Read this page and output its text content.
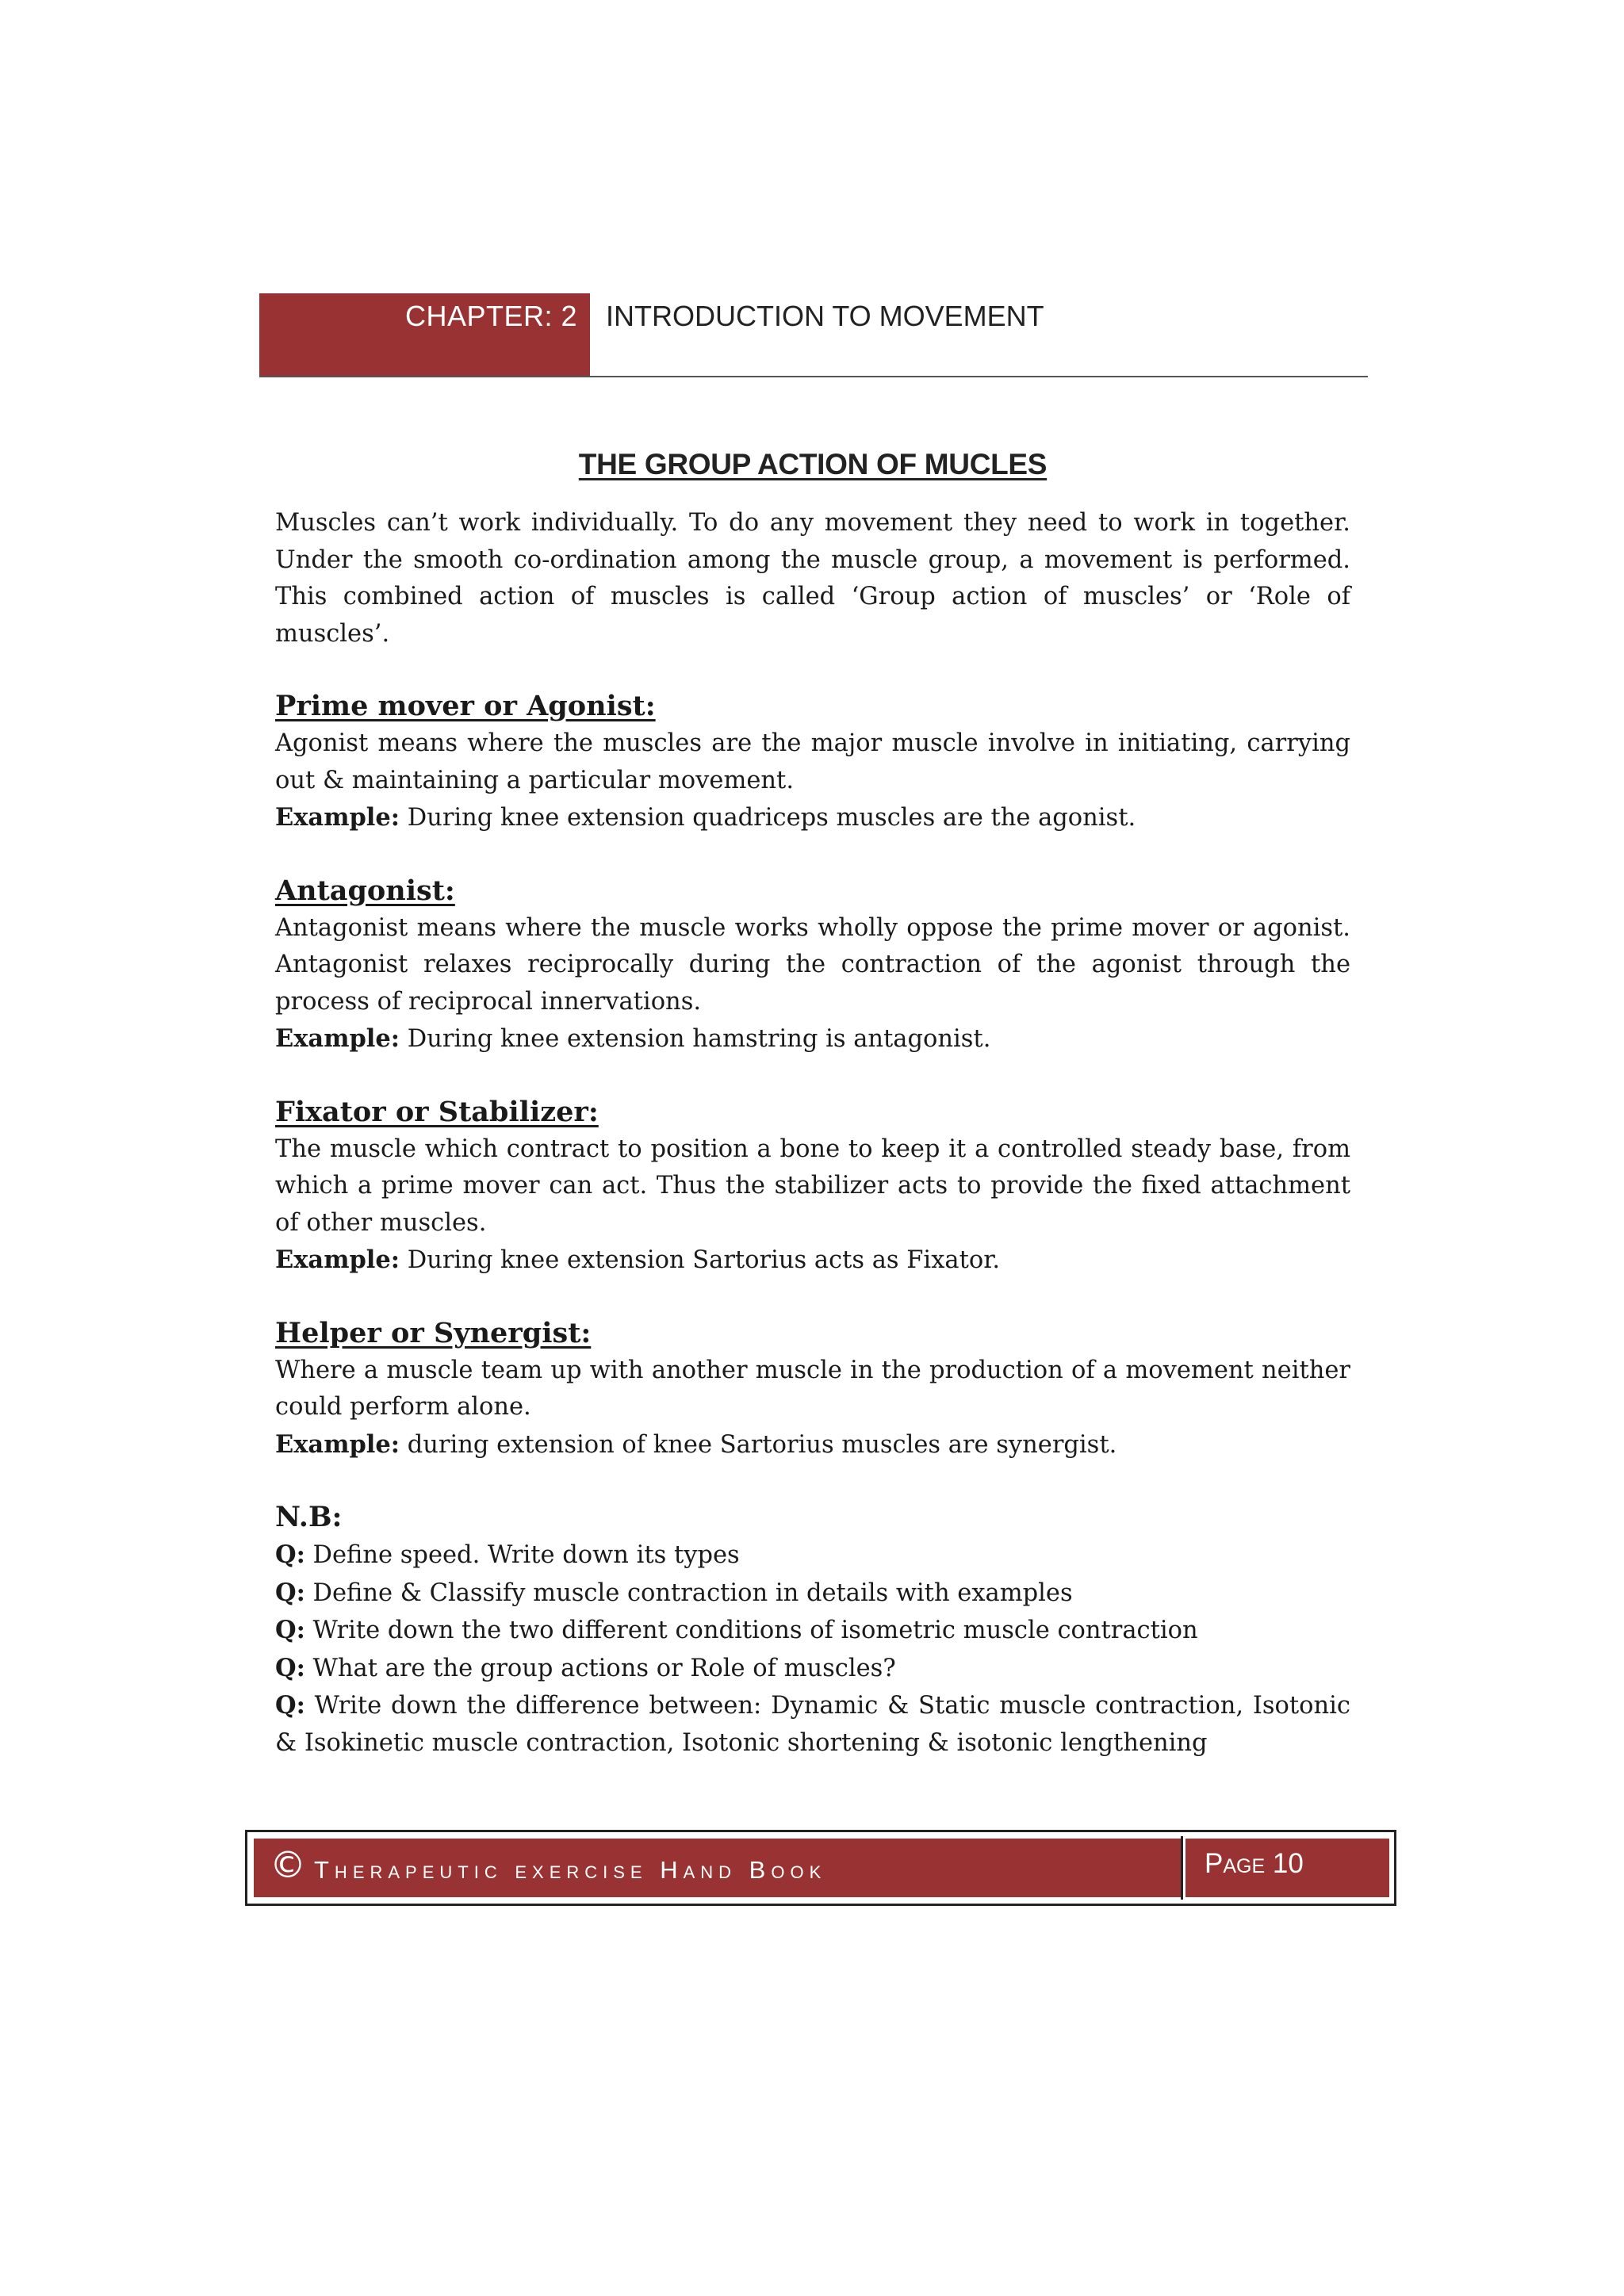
CHAPTER: 2 INTRODUCTION TO MOVEMENT
THE GROUP ACTION OF MUCLES

Muscles can’t work individually. To do any movement they need to work in together. Under the smooth co-ordination among the muscle group, a movement is performed. This combined action of muscles is called ‘Group action of muscles’ or ‘Role of muscles’.

Prime mover or Agonist:

Agonist means where the muscles are the major muscle involve in initiating, carrying out & maintaining a particular movement.

Example: During knee extension quadriceps muscles are the agonist.

Antagonist:

Antagonist means where the muscle works wholly oppose the prime mover or agonist. Antagonist relaxes reciprocally during the contraction of the agonist through the process of reciprocal innervations.

Example: During knee extension hamstring is antagonist.

Fixator or Stabilizer:

The muscle which contract to position a bone to keep it a controlled steady base, from which a prime mover can act. Thus the stabilizer acts to provide the fixed attachment of other muscles.

Example: During knee extension Sartorius acts as Fixator.

Helper or Synergist:

Where a muscle team up with another muscle in the production of a movement neither could perform alone.

Example: during extension of knee Sartorius muscles are synergist.

N.B:

Q: Define speed. Write down its types

Q: Define & Classify muscle contraction in details with examples

Q: Write down the two different conditions of isometric muscle contraction

Q: What are the group actions or Role of muscles?

Q: Write down the difference between: Dynamic & Static muscle contraction, Isotonic & Isokinetic muscle contraction, Isotonic shortening & isotonic lengthening

© Therapeutic exercise Hand Book	Page 10
